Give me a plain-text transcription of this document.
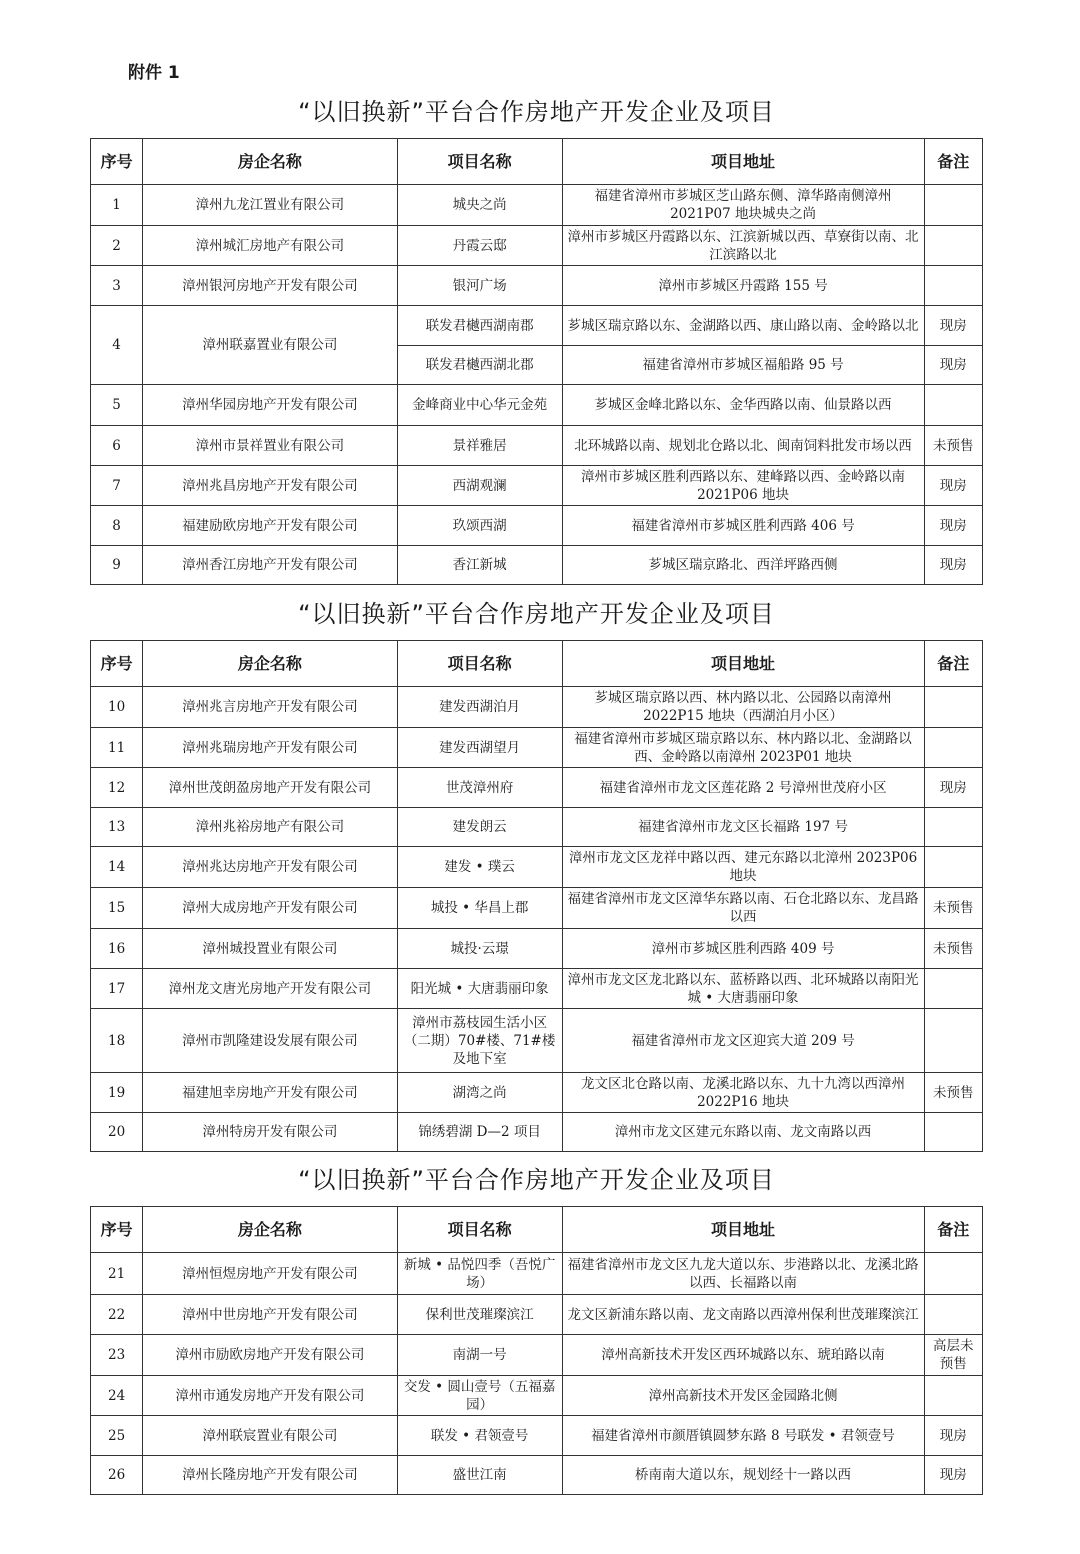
附件 1
“以旧换新”平台合作房地产开发企业及项目
序号	房企名称	项目名称	项目地址	备注
1	漳州九龙江置业有限公司	城央之尚	福建省漳州市芗城区芝山路东侧、漳华路南侧漳州 2021P07 地块城央之尚	
2	漳州城汇房地产有限公司	丹霞云邸	漳州市芗城区丹霞路以东、江滨新城以西、草寮街以南、北江滨路以北	
3	漳州银河房地产开发有限公司	银河广场	漳州市芗城区丹霞路 155 号	
4	漳州联嘉置业有限公司	联发君樾西湖南郡	芗城区瑞京路以东、金湖路以西、康山路以南、金岭路以北	现房
		联发君樾西湖北郡	福建省漳州市芗城区福船路 95 号	现房
5	漳州华园房地产开发有限公司	金峰商业中心华元金苑	芗城区金峰北路以东、金华西路以南、仙景路以西	
6	漳州市景祥置业有限公司	景祥雅居	北环城路以南、规划北仓路以北、闽南饲料批发市场以西	未预售
7	漳州兆昌房地产开发有限公司	西湖观澜	漳州市芗城区胜利西路以东、建峰路以西、金岭路以南 2021P06 地块	现房
8	福建励欧房地产开发有限公司	玖颂西湖	福建省漳州市芗城区胜利西路 406 号	现房
9	漳州香江房地产开发有限公司	香江新城	芗城区瑞京路北、西洋坪路西侧	现房
“以旧换新”平台合作房地产开发企业及项目
序号	房企名称	项目名称	项目地址	备注
10	漳州兆言房地产开发有限公司	建发西湖泊月	芗城区瑞京路以西、林内路以北、公园路以南漳州 2022P15 地块（西湖泊月小区）	
11	漳州兆瑞房地产开发有限公司	建发西湖望月	福建省漳州市芗城区瑞京路以东、林内路以北、金湖路以西、金岭路以南漳州 2023P01 地块	
12	漳州世茂朗盈房地产开发有限公司	世茂漳州府	福建省漳州市龙文区莲花路 2 号漳州世茂府小区	现房
13	漳州兆裕房地产有限公司	建发朗云	福建省漳州市龙文区长福路 197 号	
14	漳州兆达房地产开发有限公司	建发 • 璞云	漳州市龙文区龙祥中路以西、建元东路以北漳州 2023P06 地块	
15	漳州大成房地产开发有限公司	城投 • 华昌上郡	福建省漳州市龙文区漳华东路以南、石仓北路以东、龙昌路以西	未预售
16	漳州城投置业有限公司	城投·云璟	漳州市芗城区胜利西路 409 号	未预售
17	漳州龙文唐光房地产开发有限公司	阳光城 • 大唐翡丽印象	漳州市龙文区龙北路以东、蓝桥路以西、北环城路以南阳光城 • 大唐翡丽印象	
18	漳州市凯隆建设发展有限公司	漳州市荔枝园生活小区（二期）70#楼、71#楼及地下室	福建省漳州市龙文区迎宾大道 209 号	
19	福建旭幸房地产开发有限公司	湖湾之尚	龙文区北仓路以南、龙溪北路以东、九十九湾以西漳州 2022P16 地块	未预售
20	漳州特房开发有限公司	锦绣碧湖 D—2 项目	漳州市龙文区建元东路以南、龙文南路以西	
“以旧换新”平台合作房地产开发企业及项目
序号	房企名称	项目名称	项目地址	备注
21	漳州恒煜房地产开发有限公司	新城 • 品悦四季（吾悦广场）	福建省漳州市龙文区九龙大道以东、步港路以北、龙溪北路以西、长福路以南	
22	漳州中世房地产开发有限公司	保利世茂璀璨滨江	龙文区新浦东路以南、龙文南路以西漳州保利世茂璀璨滨江	
23	漳州市励欧房地产开发有限公司	南湖一号	漳州高新技术开发区西环城路以东、琥珀路以南	高层未预售
24	漳州市通发房地产开发有限公司	交发 • 圆山壹号（五福嘉园）	漳州高新技术开发区金园路北侧	
25	漳州联宸置业有限公司	联发 • 君领壹号	福建省漳州市颜厝镇圆梦东路 8 号联发 • 君领壹号	现房
26	漳州长隆房地产开发有限公司	盛世江南	桥南南大道以东，规划经十一路以西	现房
